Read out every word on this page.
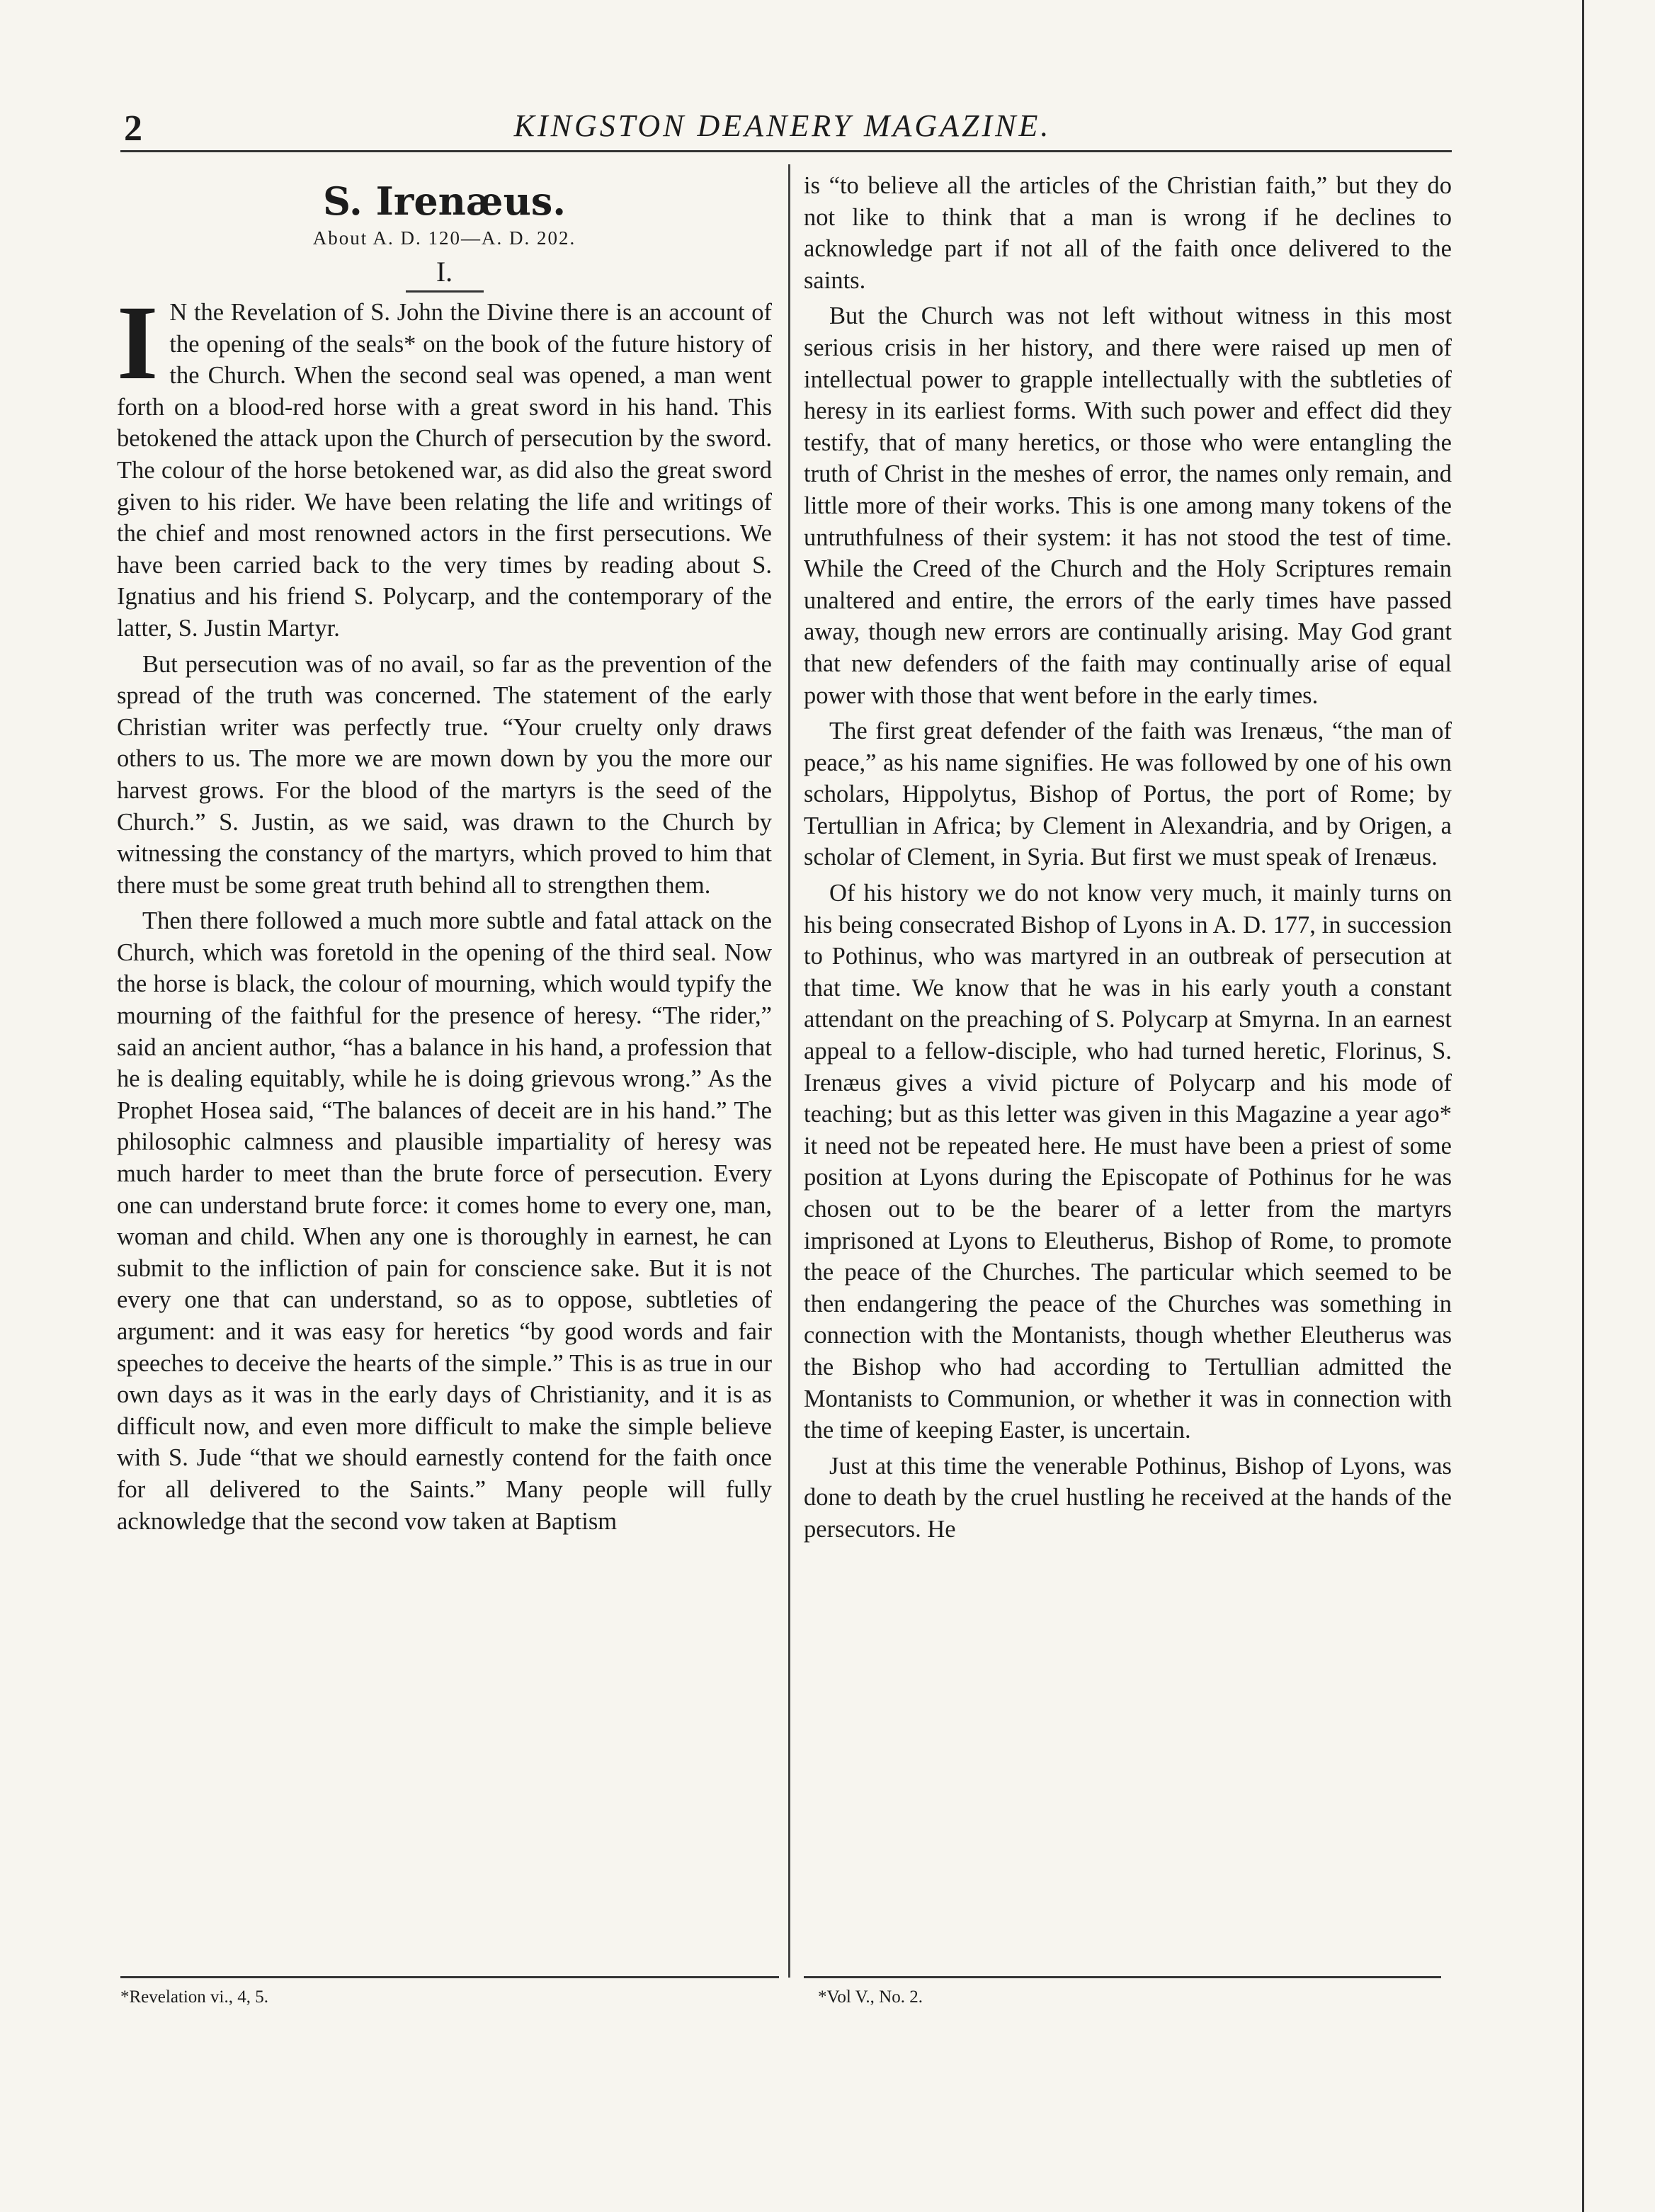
2	KINGSTON DEANERY MAGAZINE.
S. Irenæus.
About A. D. 120—A. D. 202.
I.

I N the Revelation of S. John the Divine there is an account of the opening of the seals* on the book of the future history of the Church. When the second seal was opened, a man went forth on a blood-red horse with a great sword in his hand. This betokened the attack upon the Church of persecution by the sword. The colour of the horse betokened war, as did also the great sword given to his rider. We have been relating the life and writings of the chief and most renowned actors in the first persecutions. We have been carried back to the very times by reading about S. Ignatius and his friend S. Polycarp, and the contemporary of the latter, S. Justin Martyr.

But persecution was of no avail, so far as the prevention of the spread of the truth was concerned. The statement of the early Christian writer was perfectly true. “Your cruelty only draws others to us. The more we are mown down by you the more our harvest grows. For the blood of the martyrs is the seed of the Church.” S. Justin, as we said, was drawn to the Church by witnessing the constancy of the martyrs, which proved to him that there must be some great truth behind all to strengthen them.

Then there followed a much more subtle and fatal attack on the Church, which was foretold in the opening of the third seal. Now the horse is black, the colour of mourning, which would typify the mourning of the faithful for the presence of heresy. “The rider,” said an ancient author, “has a balance in his hand, a profession that he is dealing equitably, while he is doing grievous wrong.” As the Prophet Hosea said, “The balances of deceit are in his hand.” The philosophic calmness and plausible impartiality of heresy was much harder to meet than the brute force of persecution. Every one can understand brute force: it comes home to every one, man, woman and child. When any one is thoroughly in earnest, he can submit to the infliction of pain for conscience sake. But it is not every one that can understand, so as to oppose, subtleties of argument: and it was easy for heretics “by good words and fair speeches to deceive the hearts of the simple.” This is as true in our own days as it was in the early days of Christianity, and it is as difficult now, and even more difficult to make the simple believe with S. Jude “that we should earnestly contend for the faith once for all delivered to the Saints.” Many people will fully acknowledge that the second vow taken at Baptism

is “to believe all the articles of the Christian faith,” but they do not like to think that a man is wrong if he declines to acknowledge part if not all of the faith once delivered to the saints.

But the Church was not left without witness in this most serious crisis in her history, and there were raised up men of intellectual power to grapple intellectually with the subtleties of heresy in its earliest forms. With such power and effect did they testify, that of many heretics, or those who were entangling the truth of Christ in the meshes of error, the names only remain, and little more of their works. This is one among many tokens of the untruthfulness of their system: it has not stood the test of time. While the Creed of the Church and the Holy Scriptures remain unaltered and entire, the errors of the early times have passed away, though new errors are continually arising. May God grant that new defenders of the faith may continually arise of equal power with those that went before in the early times.

The first great defender of the faith was Irenæus, “the man of peace,” as his name signifies. He was followed by one of his own scholars, Hippolytus, Bishop of Portus, the port of Rome; by Tertullian in Africa; by Clement in Alexandria, and by Origen, a scholar of Clement, in Syria. But first we must speak of Irenæus.

Of his history we do not know very much, it mainly turns on his being consecrated Bishop of Lyons in A. D. 177, in succession to Pothinus, who was martyred in an outbreak of persecution at that time. We know that he was in his early youth a constant attendant on the preaching of S. Polycarp at Smyrna. In an earnest appeal to a fellow-disciple, who had turned heretic, Florinus, S. Irenæus gives a vivid picture of Polycarp and his mode of teaching; but as this letter was given in this Magazine a year ago* it need not be repeated here. He must have been a priest of some position at Lyons during the Episcopate of Pothinus for he was chosen out to be the bearer of a letter from the martyrs imprisoned at Lyons to Eleutherus, Bishop of Rome, to promote the peace of the Churches. The particular which seemed to be then endangering the peace of the Churches was something in connection with the Montanists, though whether Eleutherus was the Bishop who had according to Tertullian admitted the Montanists to Communion, or whether it was in connection with the time of keeping Easter, is uncertain.

Just at this time the venerable Pothinus, Bishop of Lyons, was done to death by the cruel hustling he received at the hands of the persecutors. He

*Revelation vi., 4, 5.	*Vol V., No. 2.
